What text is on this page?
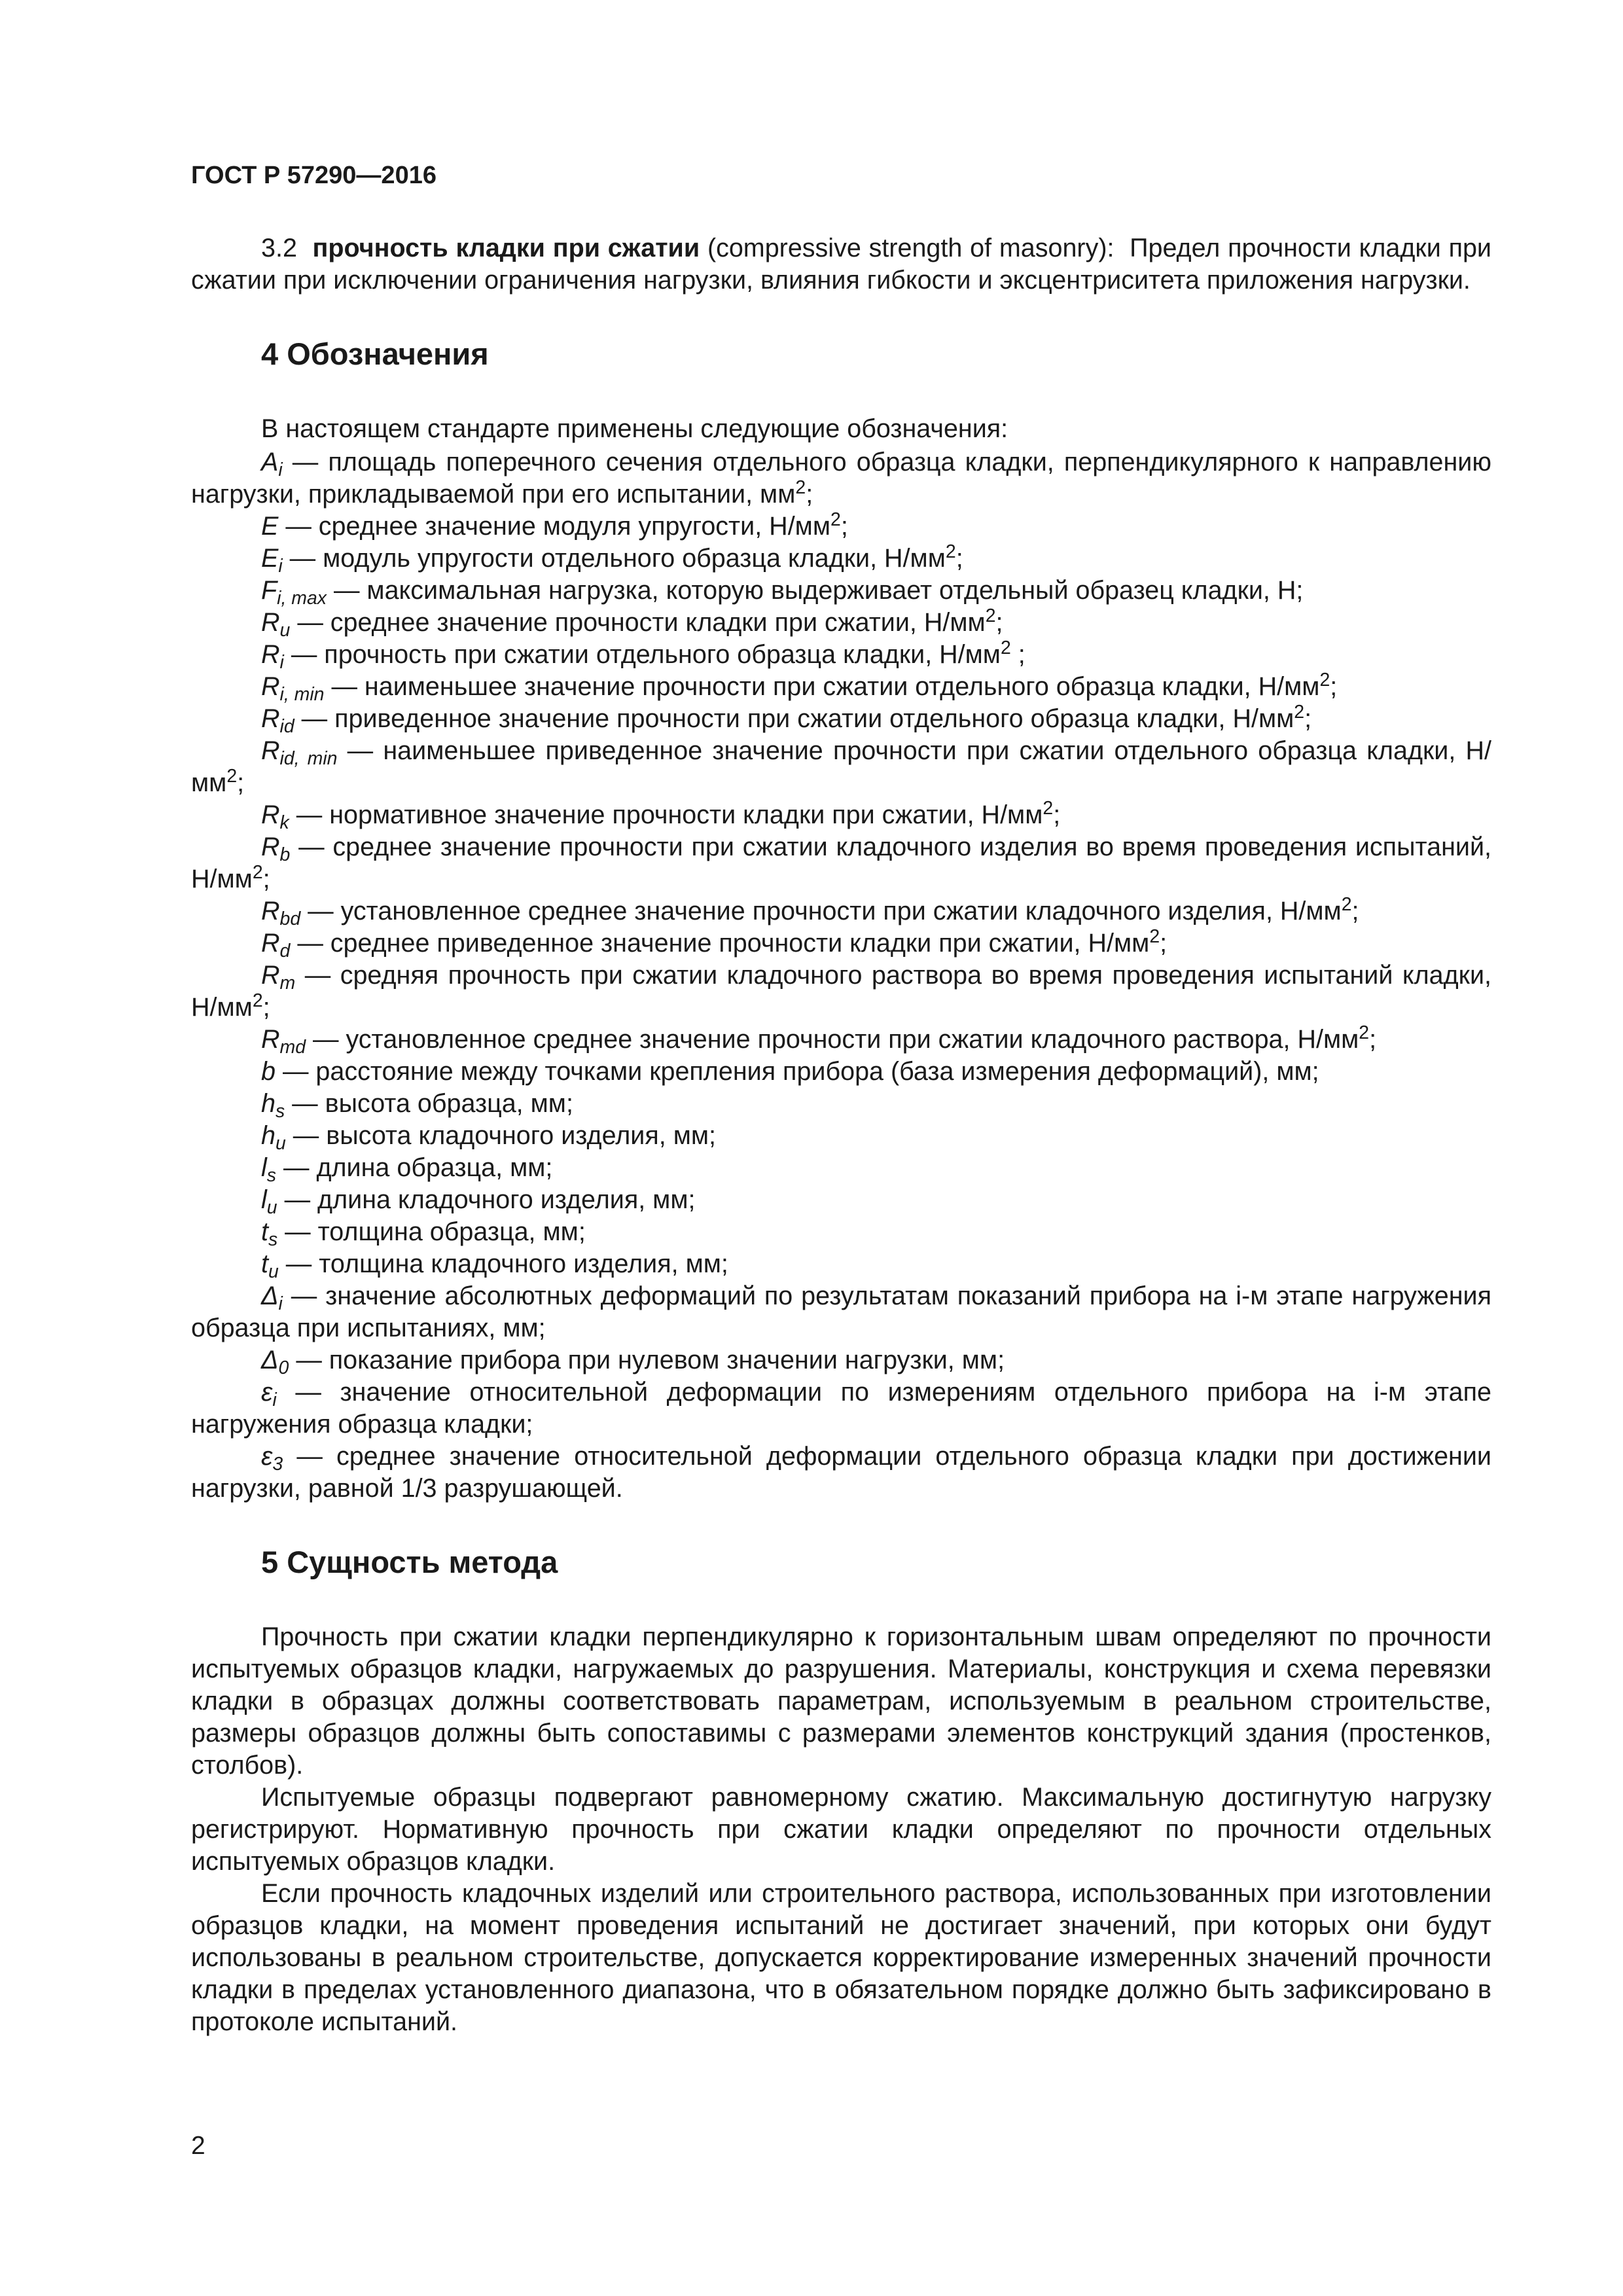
ГОСТ Р 57290—2016

3.2 прочность кладки при сжатии (compressive strength of masonry): Предел прочности кладки при сжатии при исключении ограничения нагрузки, влияния гибкости и эксцентриситета приложения нагрузки.

4 Обозначения

В настоящем стандарте применены следующие обозначения:

$A_i$ — площадь поперечного сечения отдельного образца кладки, перпендикулярного к направлению нагрузки, прикладываемой при его испытании, $мм^2$;

E — среднее значение модуля упругости, $Н/мм^2$;

$E_i$ — модуль упругости отдельного образца кладки, $Н/мм^2$;

$F_{i, max}$ — максимальная нагрузка, которую выдерживает отдельный образец кладки, Н;

$R_u$ — среднее значение прочности кладки при сжатии, $Н/мм^2$;

$R_i$ — прочность при сжатии отдельного образца кладки, $Н/мм^2$ ;

$R_{i, min}$ — наименьшее значение прочности при сжатии отдельного образца кладки, $Н/мм^2$;

$R_{id}$ — приведенное значение прочности при сжатии отдельного образца кладки, $Н/мм^2$;

$R_{id, min}$ — наименьшее приведенное значение прочности при сжатии отдельного образца кладки, $Н/мм^2$;

$R_k$ — нормативное значение прочности кладки при сжатии, $Н/мм^2$;

$R_b$ — среднее значение прочности при сжатии кладочного изделия во время проведения испытаний, $Н/мм^2$;

$R_{bd}$ — установленное среднее значение прочности при сжатии кладочного изделия, $Н/мм^2$;

$R_d$ — среднее приведенное значение прочности кладки при сжатии, $Н/мм^2$;

$R_m$ — средняя прочность при сжатии кладочного раствора во время проведения испытаний кладки, $Н/мм^2$;

$R_{md}$ — установленное среднее значение прочности при сжатии кладочного раствора, $Н/мм^2$;

b — расстояние между точками крепления прибора (база измерения деформаций), мм;

$h_s$ — высота образца, мм;

$h_u$ — высота кладочного изделия, мм;

$l_s$ — длина образца, мм;

$l_u$ — длина кладочного изделия, мм;

$t_s$ — толщина образца, мм;

$t_u$ — толщина кладочного изделия, мм;

$\Delta_i$ — значение абсолютных деформаций по результатам показаний прибора на i-м этапе нагружения образца при испытаниях, мм;

$\Delta_0$ — показание прибора при нулевом значении нагрузки, мм;

$\varepsilon_i$ — значение относительной деформации по измерениям отдельного прибора на i-м этапе нагружения образца кладки;

$\varepsilon_3$ — среднее значение относительной деформации отдельного образца кладки при достижении нагрузки, равной 1/3 разрушающей.

5 Сущность метода

Прочность при сжатии кладки перпендикулярно к горизонтальным швам определяют по прочности испытуемых образцов кладки, нагружаемых до разрушения. Материалы, конструкция и схема перевязки кладки в образцах должны соответствовать параметрам, используемым в реальном строительстве, размеры образцов должны быть сопоставимы с размерами элементов конструкций здания (простенков, столбов).

Испытуемые образцы подвергают равномерному сжатию. Максимальную достигнутую нагрузку регистрируют. Нормативную прочность при сжатии кладки определяют по прочности отдельных испытуемых образцов кладки.

Если прочность кладочных изделий или строительного раствора, использованных при изготовлении образцов кладки, на момент проведения испытаний не достигает значений, при которых они будут использованы в реальном строительстве, допускается корректирование измеренных значений прочности кладки в пределах установленного диапазона, что в обязательном порядке должно быть зафиксировано в протоколе испытаний.

2
